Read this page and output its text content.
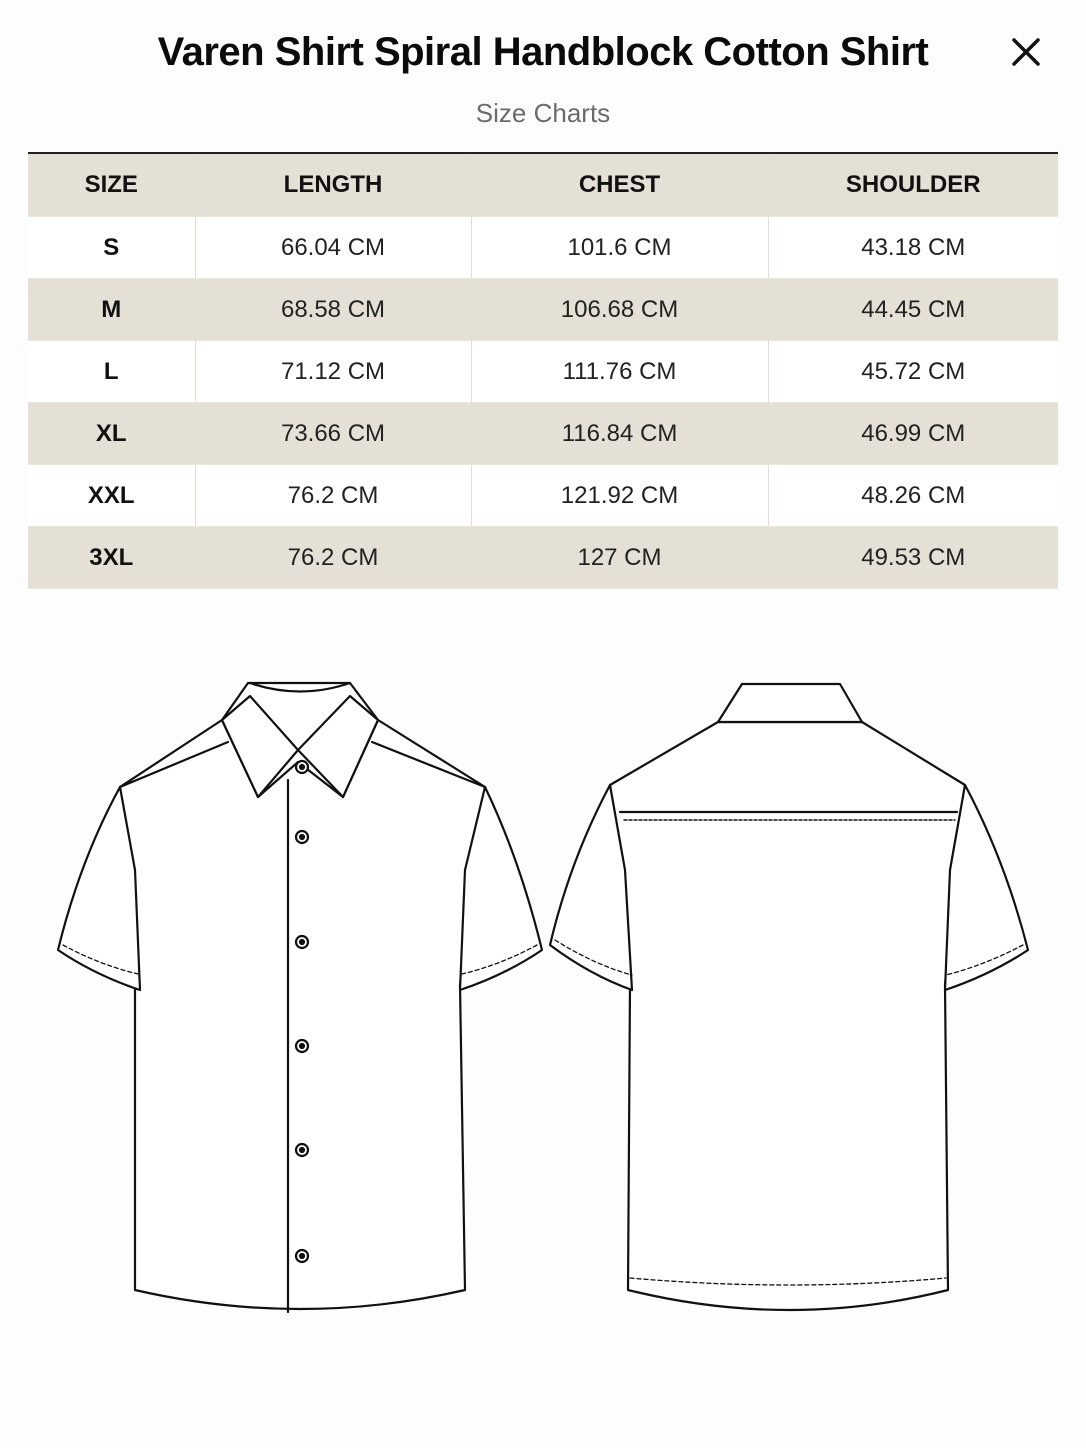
Varen Shirt Spiral Handblock Cotton Shirt

Size Charts

SIZE	LENGTH	CHEST	SHOULDER
S	66.04 CM	101.6 CM	43.18 CM
M	68.58 CM	106.68 CM	44.45 CM
L	71.12 CM	111.76 CM	45.72 CM
XL	73.66 CM	116.84 CM	46.99 CM
XXL	76.2 CM	121.92 CM	48.26 CM
3XL	76.2 CM	127 CM	49.53 CM
